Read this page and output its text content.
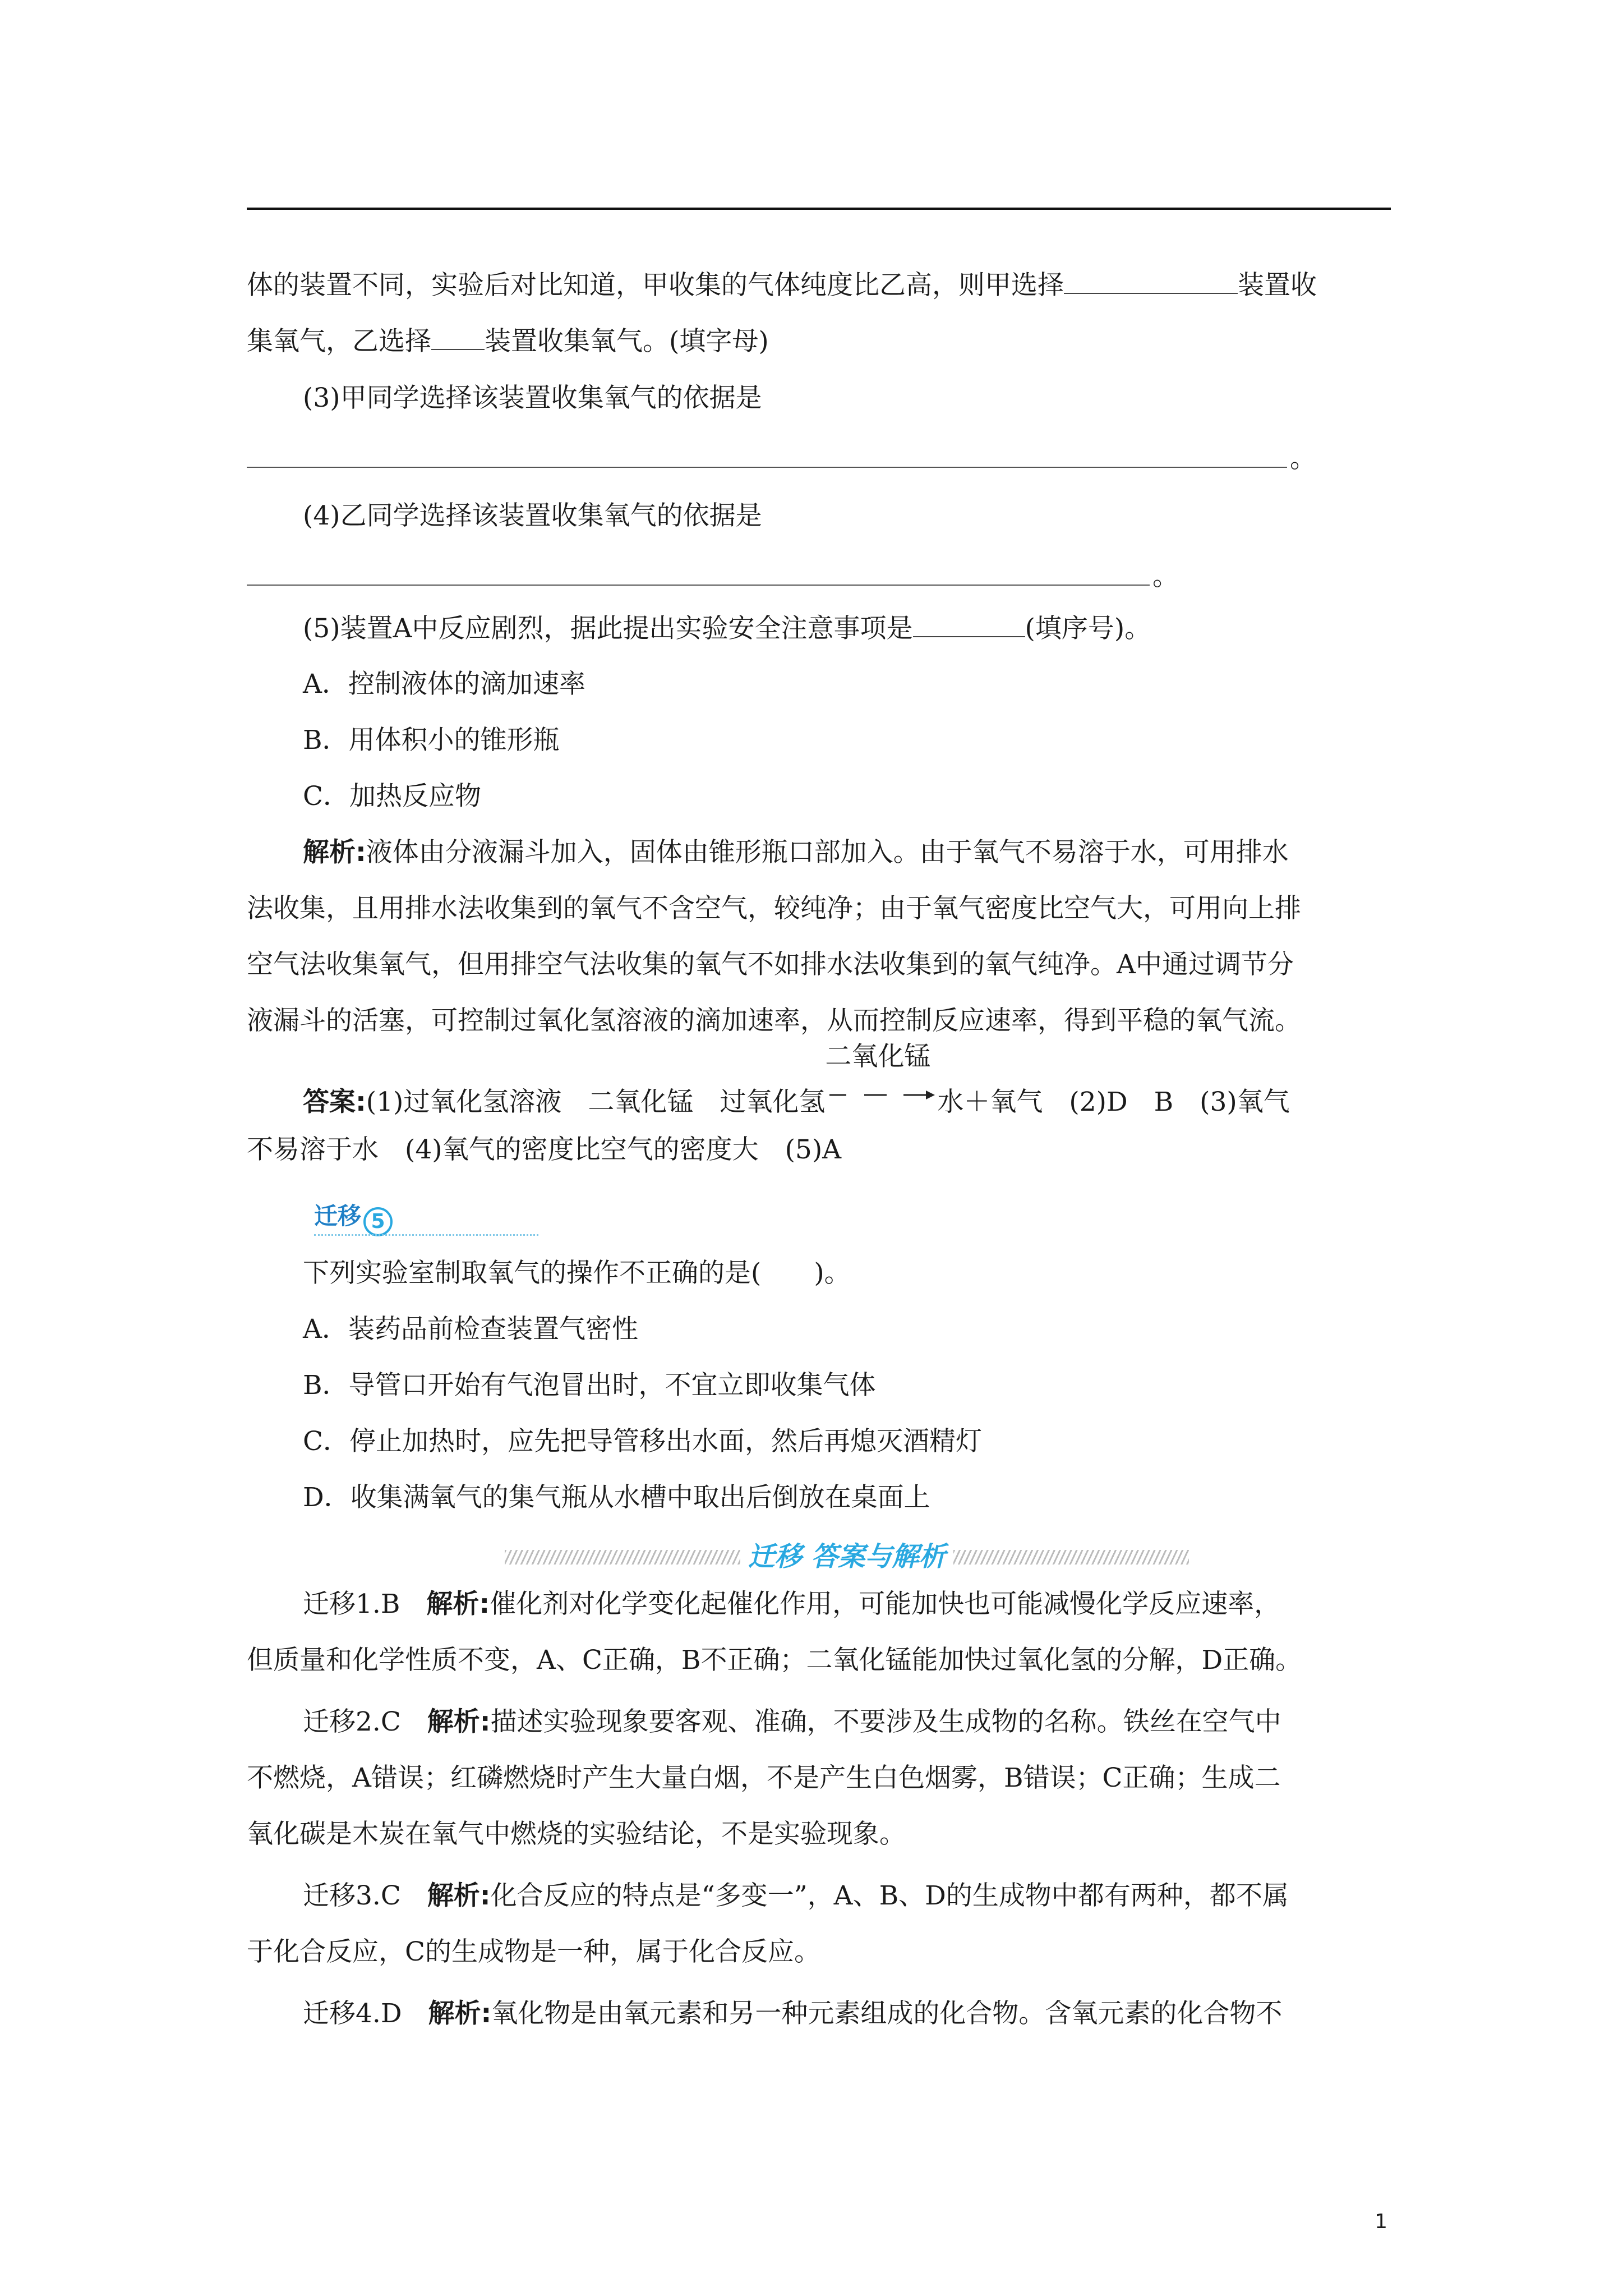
体的装置不同，实验后对比知道，甲收集的气体纯度比乙高，则甲选择	装置收
集氧气，乙选择 装置收集氧气。(填字母)
(3)甲同学选择该装置收集氧气的依据是
。
(4)乙同学选择该装置收集氧气的依据是
。
(5)装置A中反应剧烈，据此提出实验安全注意事项是	(填序号)。
A．控制液体的滴加速率
B．用体积小的锥形瓶
C．加热反应物
解析:液体由分液漏斗加入，固体由锥形瓶口部加入。由于氧气不易溶于水，可用排水
法收集，且用排水法收集到的氧气不含空气，较纯净；由于氧气密度比空气大，可用向上排
空气法收集氧气，但用排空气法收集的氧气不如排水法收集到的氧气纯净。A中通过调节分
液漏斗的活塞，可控制过氧化氢溶液的滴加速率，从而控制反应速率，得到平稳的氧气流。
答案:(1)过氧化氢溶液　二氧化锰　过氧化氢
二氧化锰
水＋氧气　(2)D　B　(3)氧气
不易溶于水　(4)氧气的密度比空气的密度大　(5)A
迁移 5
下列实验室制取氧气的操作不正确的是(　　)。
A．装药品前检查装置气密性
B．导管口开始有气泡冒出时，不宜立即收集气体
C．停止加热时，应先把导管移出水面，然后再熄灭酒精灯
D．收集满氧气的集气瓶从水槽中取出后倒放在桌面上
迁移 答案与解析
迁移1.B　解析:催化剂对化学变化起催化作用，可能加快也可能减慢化学反应速率，
但质量和化学性质不变，A、C正确，B不正确；二氧化锰能加快过氧化氢的分解，D正确。
迁移2.C　解析:描述实验现象要客观、准确，不要涉及生成物的名称。铁丝在空气中
不燃烧，A错误；红磷燃烧时产生大量白烟，不是产生白色烟雾，B错误；C正确；生成二
氧化碳是木炭在氧气中燃烧的实验结论，不是实验现象。
迁移3.C　解析:化合反应的特点是“多变一”，A、B、D的生成物中都有两种，都不属
于化合反应，C的生成物是一种，属于化合反应。
迁移4.D　解析:氧化物是由氧元素和另一种元素组成的化合物。含氧元素的化合物不
1
